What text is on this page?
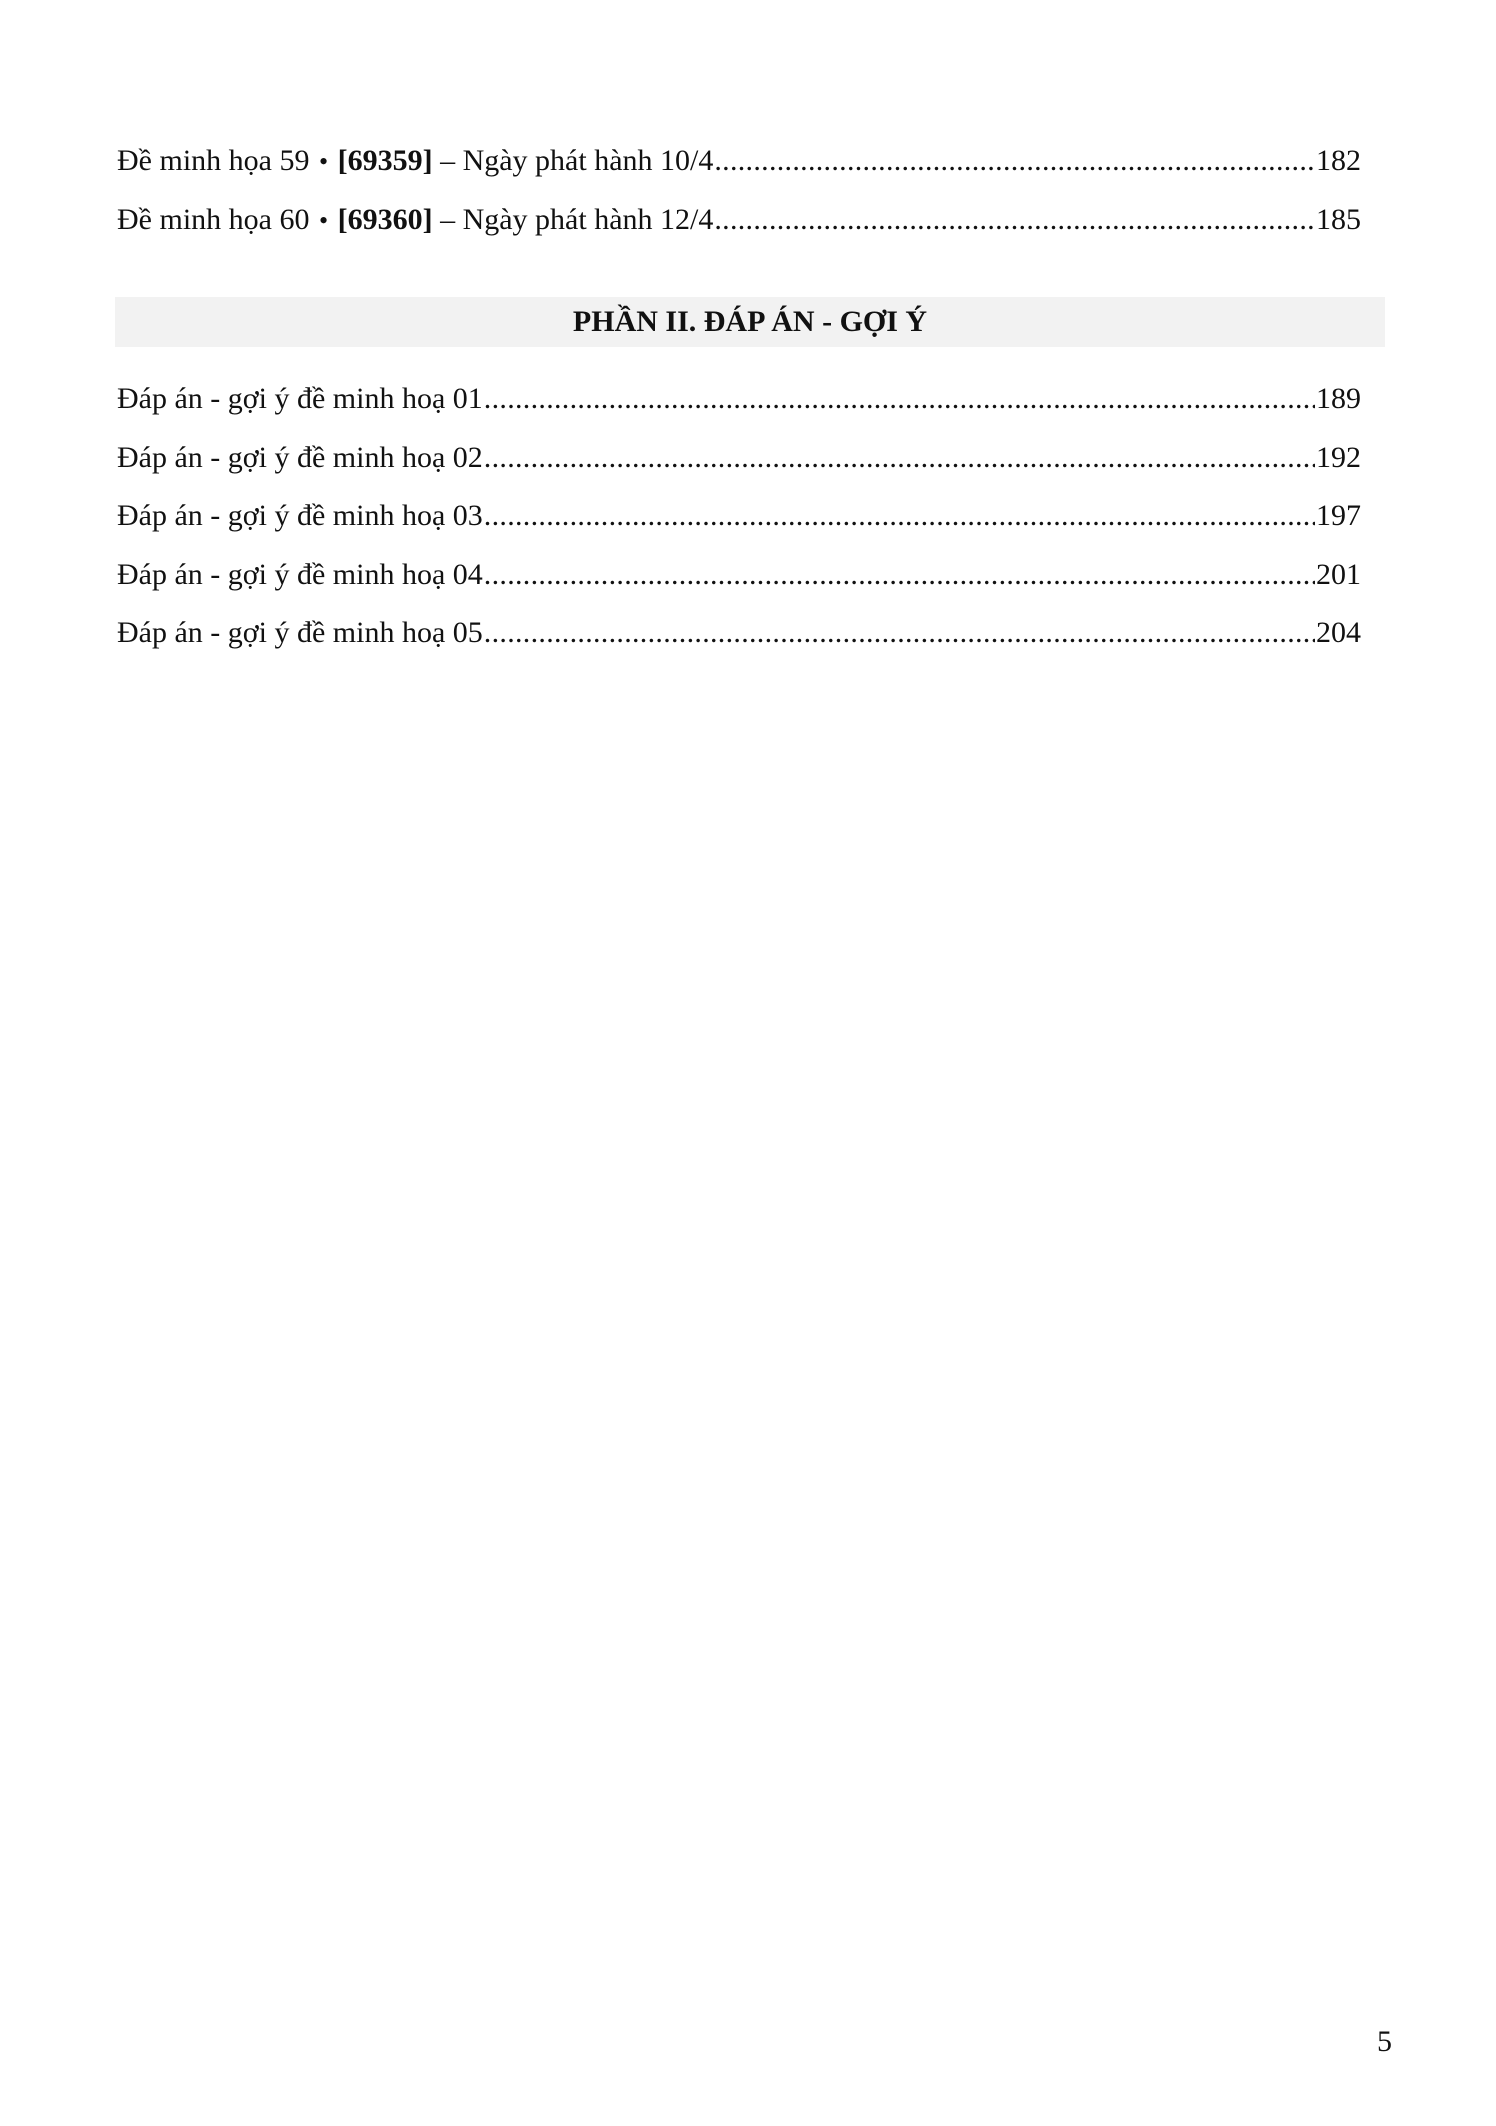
Đề minh họa 59 • [69359] – Ngày phát hành 10/4 .....	182
Đề minh họa 60 • [69360] – Ngày phát hành 12/4 .....	185
PHẦN II. ĐÁP ÁN - GỢI Ý
Đáp án - gợi ý đề minh hoạ 01 .....	189
Đáp án - gợi ý đề minh hoạ 02 .....	192
Đáp án - gợi ý đề minh hoạ 03 .....	197
Đáp án - gợi ý đề minh hoạ 04 .....	201
Đáp án - gợi ý đề minh hoạ 05 .....	204
5
